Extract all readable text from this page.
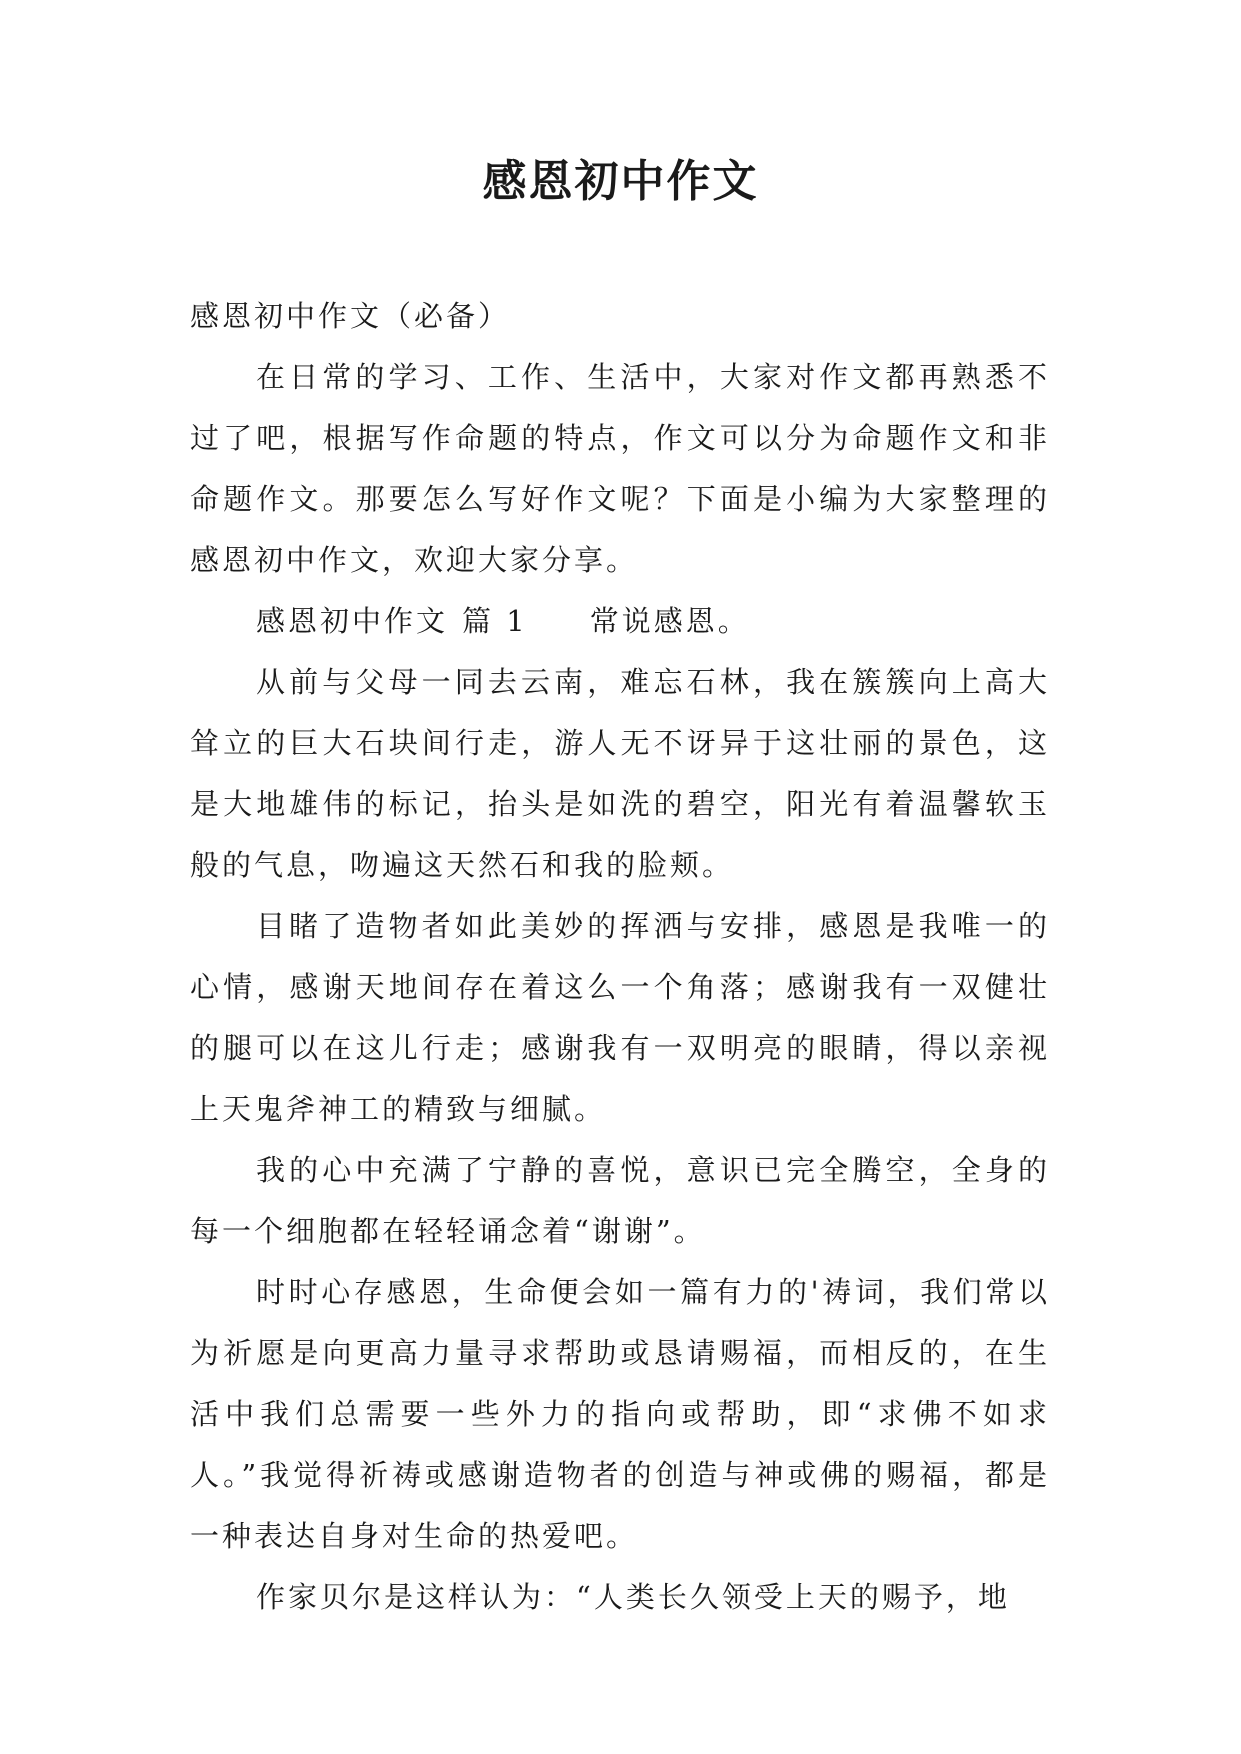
感恩初中作文

感恩初中作文（必备）

在日常的学习、工作、生活中，大家对作文都再熟悉不过了吧，根据写作命题的特点，作文可以分为命题作文和非命题作文。那要怎么写好作文呢？下面是小编为大家整理的感恩初中作文，欢迎大家分享。

感恩初中作文 篇 1 常说感恩。

从前与父母一同去云南，难忘石林，我在簇簇向上高大耸立的巨大石块间行走，游人无不讶异于这壮丽的景色，这是大地雄伟的标记，抬头是如洗的碧空，阳光有着温馨软玉般的气息，吻遍这天然石和我的脸颊。

目睹了造物者如此美妙的挥洒与安排，感恩是我唯一的心情，感谢天地间存在着这么一个角落；感谢我有一双健壮的腿可以在这儿行走；感谢我有一双明亮的眼睛，得以亲视上天鬼斧神工的精致与细腻。

我的心中充满了宁静的喜悦，意识已完全腾空，全身的每一个细胞都在轻轻诵念着“谢谢”。

时时心存感恩，生命便会如一篇有力的'祷词，我们常以为祈愿是向更高力量寻求帮助或恳请赐福，而相反的，在生活中我们总需要一些外力的指向或帮助，即“求佛不如求人。”我觉得祈祷或感谢造物者的创造与神或佛的赐福，都是一种表达自身对生命的热爱吧。

作家贝尔是这样认为：“人类长久领受上天的赐予，地
